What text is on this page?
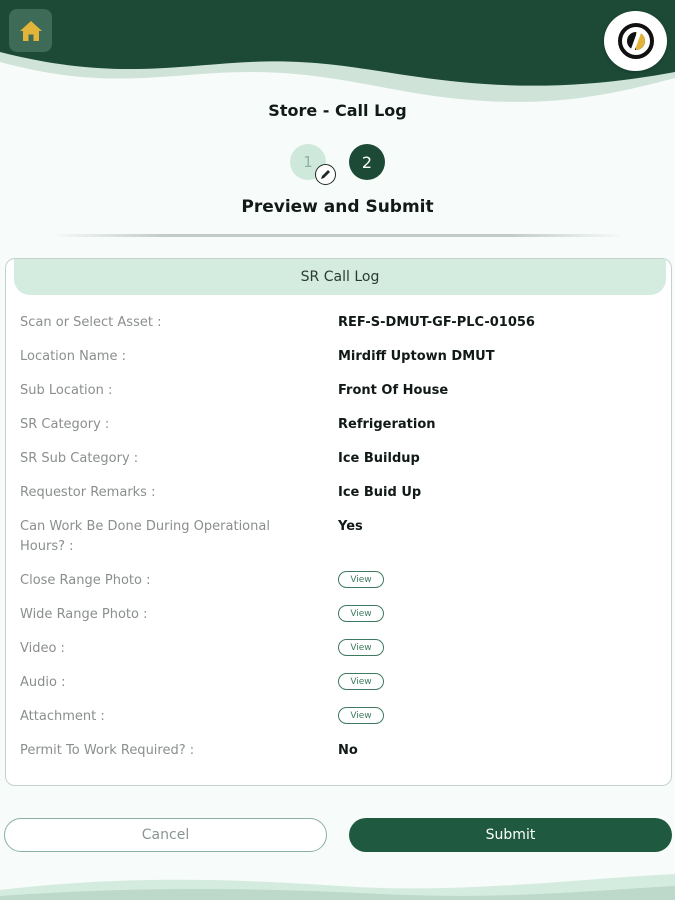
Store - Call Log
1	2
Preview and Submit
SR Call Log
Scan or Select Asset :	REF-S-DMUT-GF-PLC-01056
Location Name :	Mirdiff Uptown DMUT
Sub Location :	Front Of House
SR Category :	Refrigeration
SR Sub Category :	Ice Buildup
Requestor Remarks :	Ice Buid Up
Can Work Be Done During Operational Hours? :
Yes
Close Range Photo :	View
Wide Range Photo :	View
Video :	View
Audio :	View
Attachment :	View
Permit To Work Required? :	No
Cancel	Submit
